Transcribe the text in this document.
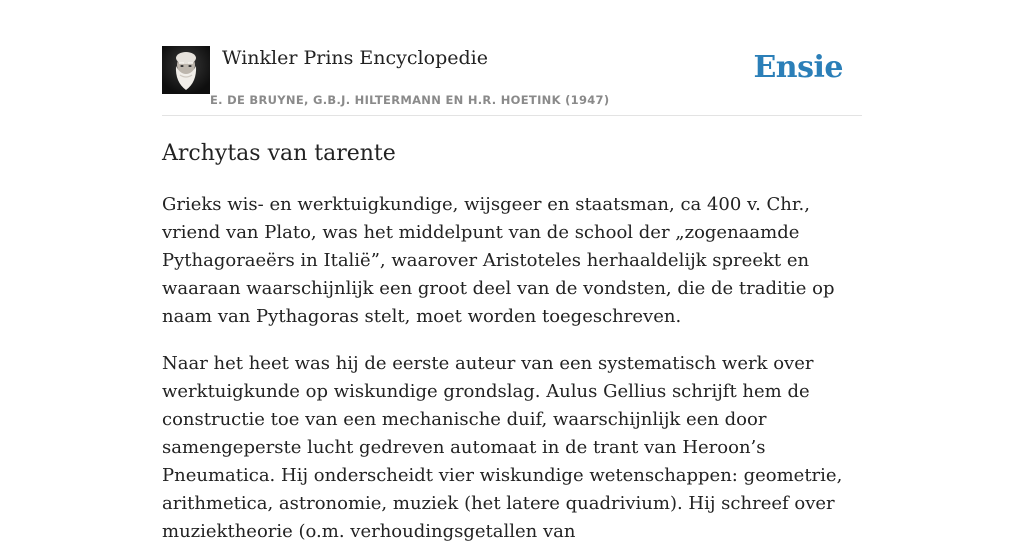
Winkler Prins Encyclopedie
E. DE BRUYNE, G.B.J. HILTERMANN EN H.R. HOETINK (1947)
Ensie
Archytas van tarente

Grieks wis- en werktuigkundige, wijsgeer en staatsman, ca 400 v. Chr., vriend van Plato, was het middelpunt van de school der „zogenaamde Pythagoraeërs in Italië”, waarover Aristoteles herhaaldelijk spreekt en waaraan waarschijnlijk een groot deel van de vondsten, die de traditie op naam van Pythagoras stelt, moet worden toegeschreven.

Naar het heet was hij de eerste auteur van een systematisch werk over werktuigkunde op wiskundige grondslag. Aulus Gellius schrijft hem de constructie toe van een mechanische duif, waarschijnlijk een door samengeperste lucht gedreven automaat in de trant van Heroon’s Pneumatica. Hij onderscheidt vier wiskundige wetenschappen: geometrie, arithmetica, astronomie, muziek (het latere quadrivium). Hij schreef over muziektheorie (o.m. verhoudingsgetallen van
